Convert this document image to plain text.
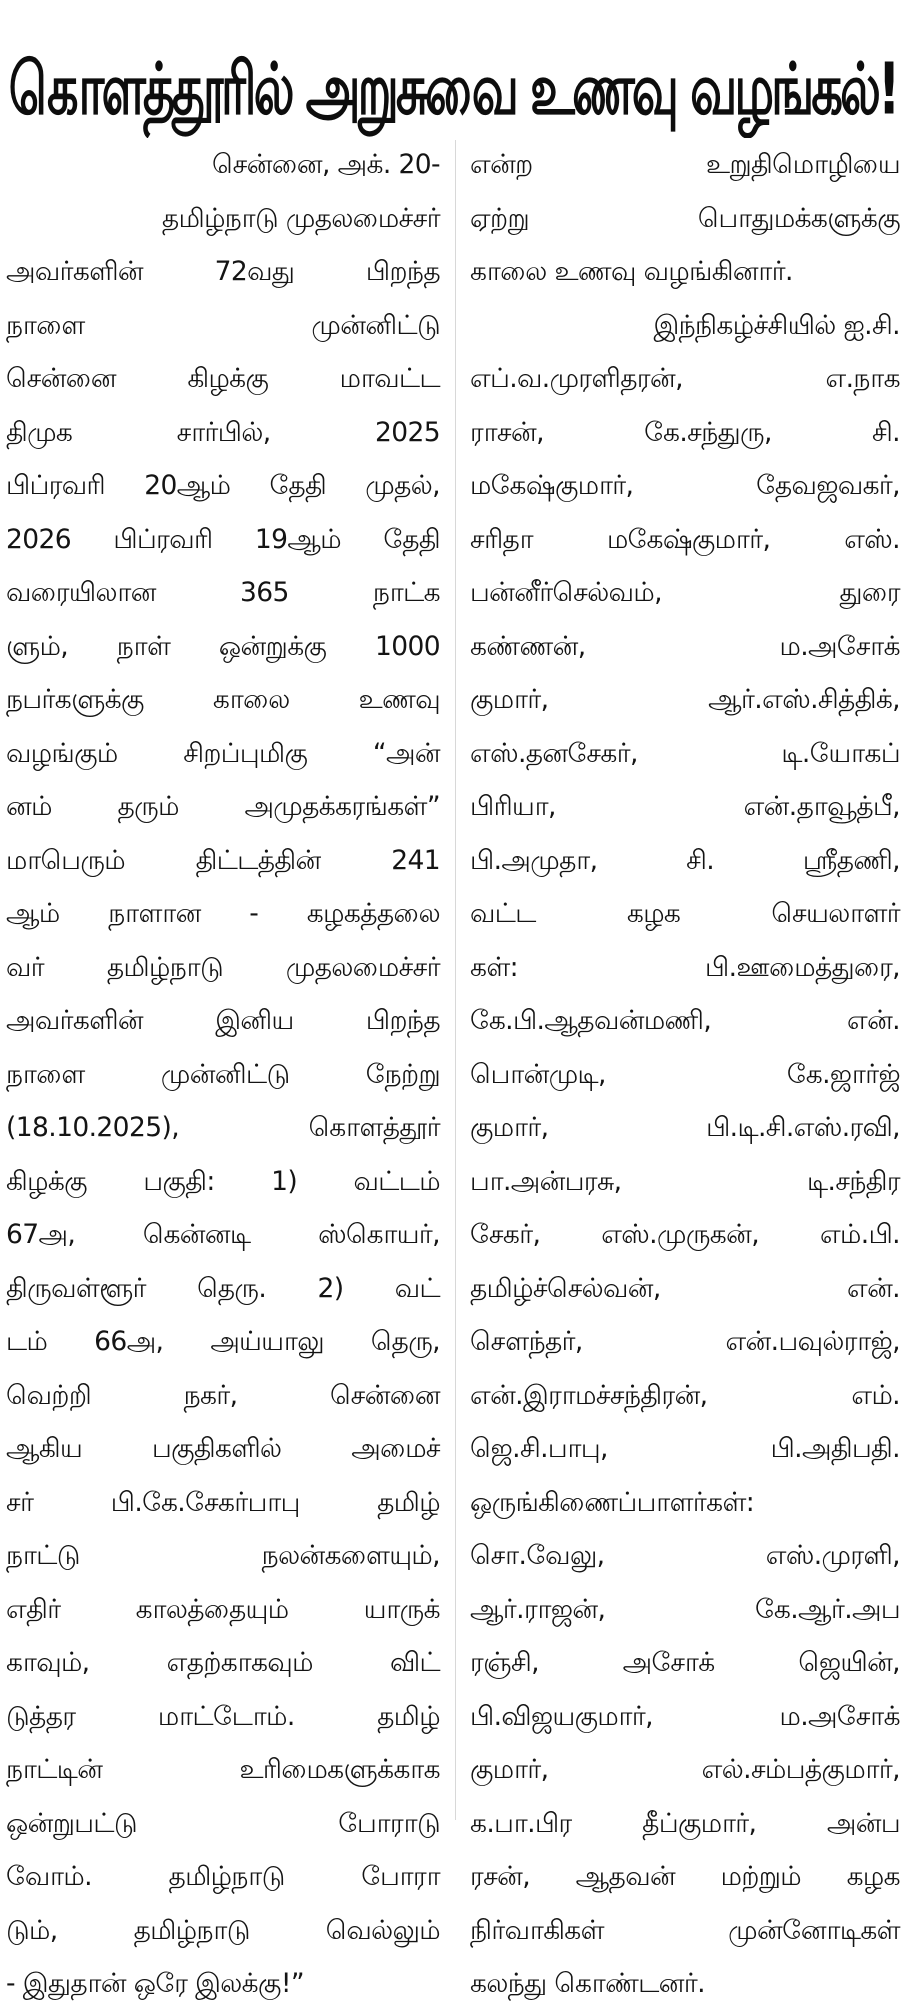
கொளத்தூரில் அறுசுவை உணவு வழங்கல்!
சென்னை, அக். 20-
தமிழ்நாடு முதலமைச்சர்
அவர்களின் 72வது பிறந்த
நாளை முன்னிட்டு
சென்னை கிழக்கு மாவட்ட
திமுக சார்பில், 2025
பிப்ரவரி 20ஆம் தேதி முதல்,
2026 பிப்ரவரி 19ஆம் தேதி
வரையிலான 365 நாட்க
ளும், நாள் ஒன்றுக்கு 1000
நபர்களுக்கு காலை உணவு
வழங்கும் சிறப்புமிகு “அன்
னம் தரும் அமுதக்கரங்கள்”
மாபெரும் திட்டத்தின் 241
ஆம் நாளான - கழகத்தலை
வர் தமிழ்நாடு முதலமைச்சர்
அவர்களின் இனிய பிறந்த
நாளை முன்னிட்டு நேற்று
(18.10.2025), கொளத்தூர்
கிழக்கு பகுதி: 1) வட்டம்
67அ, கென்னடி ஸ்கொயர்,
திருவள்ளூர் தெரு. 2) வட்
டம் 66அ, அய்யாலு தெரு,
வெற்றி நகர், சென்னை
ஆகிய பகுதிகளில் அமைச்
சர் பி.கே.சேகர்பாபு தமிழ்
நாட்டு நலன்களையும்,
எதிர் காலத்தையும் யாருக்
காவும், எதற்காகவும் விட்
டுத்தர மாட்டோம். தமிழ்
நாட்டின் உரிமைகளுக்காக
ஒன்றுபட்டு போராடு
வோம். தமிழ்நாடு போரா
டும், தமிழ்நாடு வெல்லும்
- இதுதான் ஒரே இலக்கு!”
என்ற உறுதிமொழியை
ஏற்று பொதுமக்களுக்கு
காலை உணவு வழங்கினார்.
இந்நிகழ்ச்சியில் ஐ.சி.
எப்.வ.முரளிதரன், எ.நாக
ராசன், கே.சந்துரு, சி.
மகேஷ்குமார், தேவஜவகர்,
சரிதா மகேஷ்குமார், எஸ்.
பன்னீர்செல்வம், துரை
கண்ணன், ம.அசோக்
குமார், ஆர்.எஸ்.சித்திக்,
எஸ்.தனசேகர், டி.யோகப்
பிரியா, என்.தாவூத்பீ,
பி.அமுதா, சி. ஸ்ரீதணி,
வட்ட கழக செயலாளர்
கள்: பி.ஊமைத்துரை,
கே.பி.ஆதவன்மணி, என்.
பொன்முடி, கே.ஜார்ஜ்
குமார், பி.டி.சி.எஸ்.ரவி,
பா.அன்பரசு, டி.சந்திர
சேகர், எஸ்.முருகன், எம்.பி.
தமிழ்ச்செல்வன், என்.
சௌந்தர், என்.பவுல்ராஜ்,
என்.இராமச்சந்திரன், எம்.
ஜெ.சி.பாபு, பி.அதிபதி.
ஒருங்கிணைப்பாளர்கள்:
சொ.வேலு, எஸ்.முரளி,
ஆர்.ராஜன், கே.ஆர்.அப
ரஞ்சி, அசோக் ஜெயின்,
பி.விஜயகுமார், ம.அசோக்
குமார், எல்.சம்பத்குமார்,
க.பா.பிர தீப்குமார், அன்ப
ரசன், ஆதவன் மற்றும் கழக
நிர்வாகிகள் முன்னோடிகள்
கலந்து கொண்டனர்.
